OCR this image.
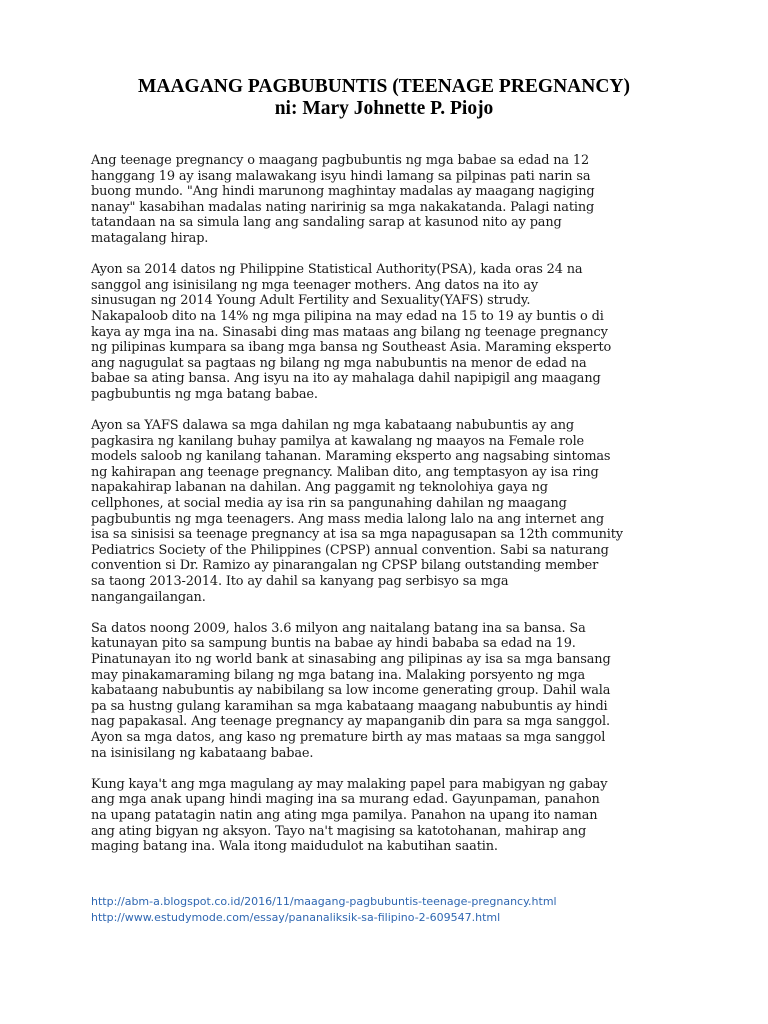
MAAGANG PAGBUBUNTIS (TEENAGE PREGNANCY)
ni: Mary Johnette P. Piojo
Ang teenage pregnancy o maagang pagbubuntis ng mga babae sa edad na 12
hanggang 19 ay isang malawakang isyu hindi lamang sa pilpinas pati narin sa
buong mundo. "Ang hindi marunong maghintay madalas ay maagang nagiging
nanay" kasabihan madalas nating naririnig sa mga nakakatanda. Palagi nating
tatandaan na sa simula lang ang sandaling sarap at kasunod nito ay pang
matagalang hirap.
Ayon sa 2014 datos ng Philippine Statistical Authority(PSA), kada oras 24 na
sanggol ang isinisilang ng mga teenager mothers. Ang datos na ito ay
sinusugan ng 2014 Young Adult Fertility and Sexuality(YAFS) strudy.
Nakapaloob dito na 14% ng mga pilipina na may edad na 15 to 19 ay buntis o di
kaya ay mga ina na. Sinasabi ding mas mataas ang bilang ng teenage pregnancy
ng pilipinas kumpara sa ibang mga bansa ng Southeast Asia. Maraming eksperto
ang nagugulat sa pagtaas ng bilang ng mga nabubuntis na menor de edad na
babae sa ating bansa. Ang isyu na ito ay mahalaga dahil napipigil ang maagang
pagbubuntis ng mga batang babae.
Ayon sa YAFS dalawa sa mga dahilan ng mga kabataang nabubuntis ay ang
pagkasira ng kanilang buhay pamilya at kawalang ng maayos na Female role
models saloob ng kanilang tahanan. Maraming eksperto ang nagsabing sintomas
ng kahirapan ang teenage pregnancy. Maliban dito, ang temptasyon ay isa ring
napakahirap labanan na dahilan. Ang paggamit ng teknolohiya gaya ng
cellphones, at social media ay isa rin sa pangunahing dahilan ng maagang
pagbubuntis ng mga teenagers. Ang mass media lalong lalo na ang internet ang
isa sa sinisisi sa teenage pregnancy at isa sa mga napagusapan sa 12th community
Pediatrics Society of the Philippines (CPSP) annual convention. Sabi sa naturang
convention si Dr. Ramizo ay pinarangalan ng CPSP bilang outstanding member
sa taong 2013-2014. Ito ay dahil sa kanyang pag serbisyo sa mga
nangangailangan.
Sa datos noong 2009, halos 3.6 milyon ang naitalang batang ina sa bansa. Sa
katunayan pito sa sampung buntis na babae ay hindi bababa sa edad na 19.
Pinatunayan ito ng world bank at sinasabing ang pilipinas ay isa sa mga bansang
may pinakamaraming bilang ng mga batang ina. Malaking porsyento ng mga
kabataang nabubuntis ay nabibilang sa low income generating group. Dahil wala
pa sa hustng gulang karamihan sa mga kabataang maagang nabubuntis ay hindi
nag papakasal. Ang teenage pregnancy ay mapanganib din para sa mga sanggol.
Ayon sa mga datos, ang kaso ng premature birth ay mas mataas sa mga sanggol
na isinisilang ng kabataang babae.
Kung kaya't ang mga magulang ay may malaking papel para mabigyan ng gabay
ang mga anak upang hindi maging ina sa murang edad. Gayunpaman, panahon
na upang patatagin natin ang ating mga pamilya. Panahon na upang ito naman
ang ating bigyan ng aksyon. Tayo na't magising sa katotohanan, mahirap ang
maging batang ina. Wala itong maidudulot na kabutihan saatin.
http://abm-a.blogspot.co.id/2016/11/maagang-pagbubuntis-teenage-pregnancy.html
http://www.estudymode.com/essay/pananaliksik-sa-filipino-2-609547.html
